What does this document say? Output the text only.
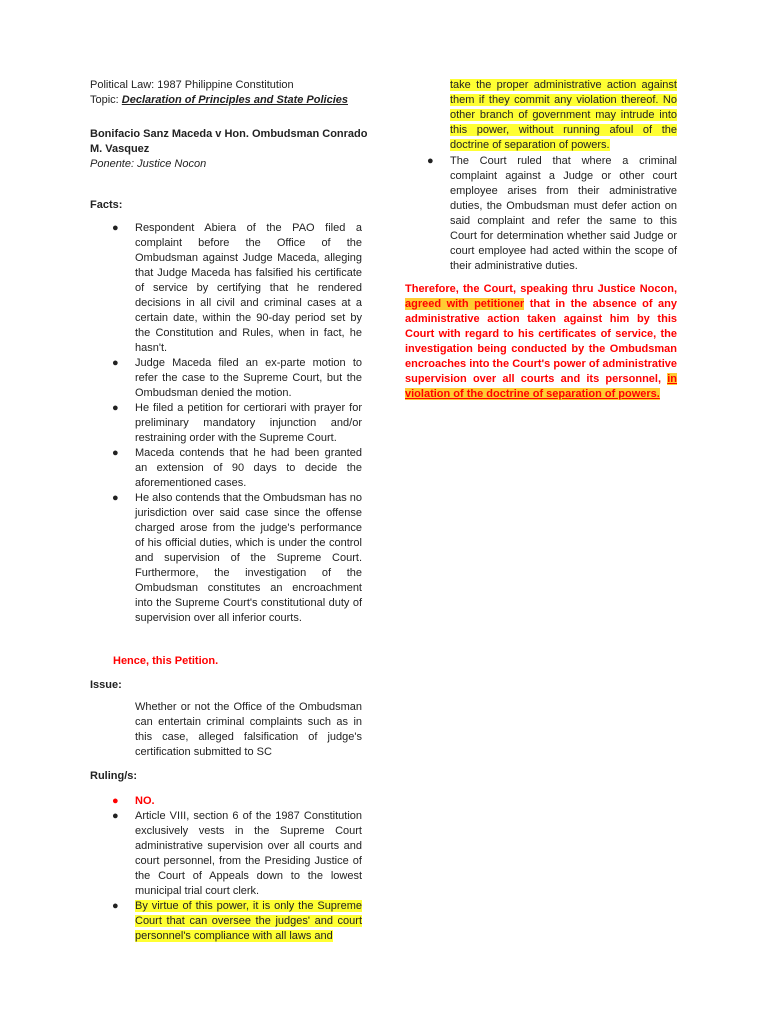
Political Law: 1987 Philippine Constitution
Topic: Declaration of Principles and State Policies
Bonifacio Sanz Maceda v Hon. Ombudsman Conrado M. Vasquez
Ponente: Justice Nocon
Facts:
● Respondent Abiera of the PAO filed a complaint before the Office of the Ombudsman against Judge Maceda, alleging that Judge Maceda has falsified his certificate of service by certifying that he rendered decisions in all civil and criminal cases at a certain date, within the 90-day period set by the Constitution and Rules, when in fact, he hasn't.
● Judge Maceda filed an ex-parte motion to refer the case to the Supreme Court, but the Ombudsman denied the motion.
● He filed a petition for certiorari with prayer for preliminary mandatory injunction and/or restraining order with the Supreme Court.
● Maceda contends that he had been granted an extension of 90 days to decide the aforementioned cases.
● He also contends that the Ombudsman has no jurisdiction over said case since the offense charged arose from the judge's performance of his official duties, which is under the control and supervision of the Supreme Court. Furthermore, the investigation of the Ombudsman constitutes an encroachment into the Supreme Court's constitutional duty of supervision over all inferior courts.
Hence, this Petition.
Issue:
Whether or not the Office of the Ombudsman can entertain criminal complaints such as in this case, alleged falsification of judge's certification submitted to SC
Ruling/s:
● NO.
● Article VIII, section 6 of the 1987 Constitution exclusively vests in the Supreme Court administrative supervision over all courts and court personnel, from the Presiding Justice of the Court of Appeals down to the lowest municipal trial court clerk.
● By virtue of this power, it is only the Supreme Court that can oversee the judges' and court personnel's compliance with all laws and
take the proper administrative action against them if they commit any violation thereof. No other branch of government may intrude into this power, without running afoul of the doctrine of separation of powers.
● The Court ruled that where a criminal complaint against a Judge or other court employee arises from their administrative duties, the Ombudsman must defer action on said complaint and refer the same to this Court for determination whether said Judge or court employee had acted within the scope of their administrative duties.
Therefore, the Court, speaking thru Justice Nocon, agreed with petitioner that in the absence of any administrative action taken against him by this Court with regard to his certificates of service, the investigation being conducted by the Ombudsman encroaches into the Court's power of administrative supervision over all courts and its personnel, in violation of the doctrine of separation of powers.
